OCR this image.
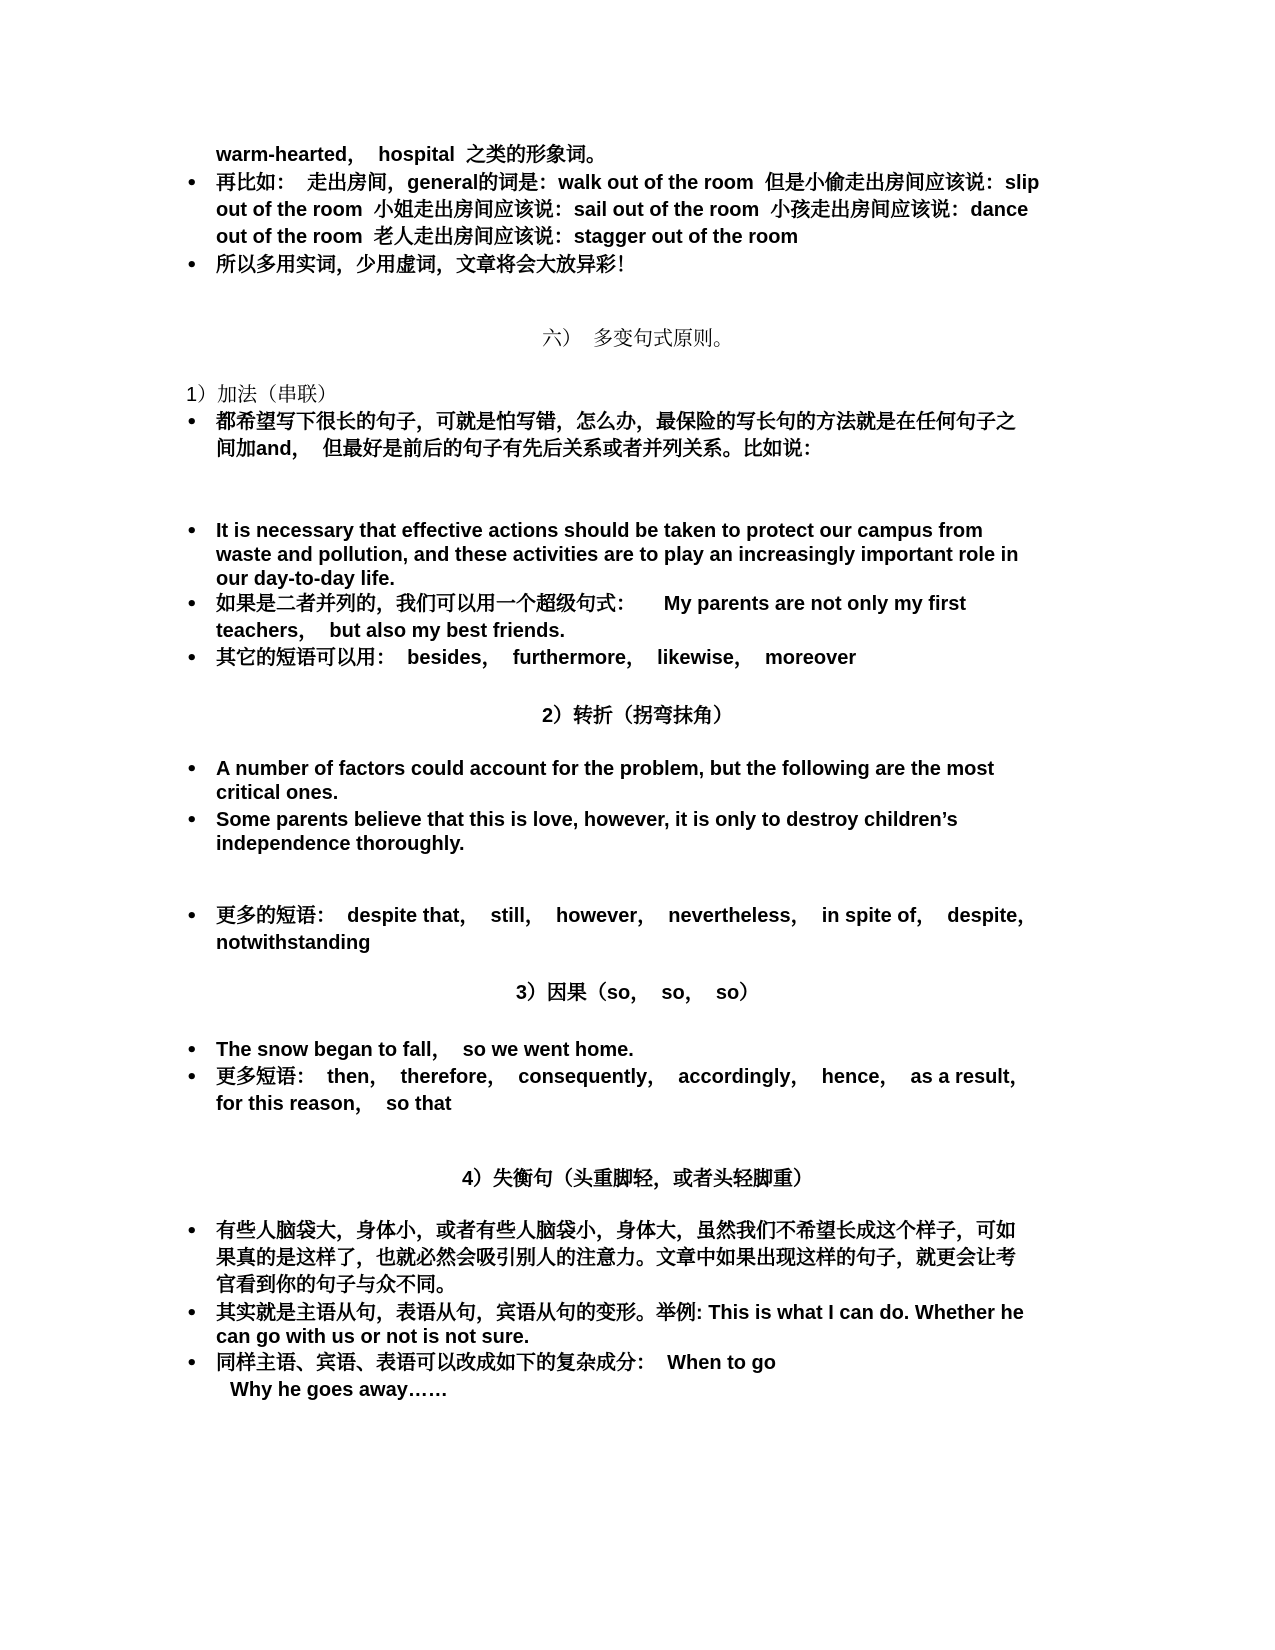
warm-hearted，  hospital  之类的形象词。
• 再比如：  走出房间，general的词是：walk out of the room  但是小偷走出房间应该说：slip
out of the room  小姐走出房间应该说：sail out of the room  小孩走出房间应该说：dance
out of the room  老人走出房间应该说：stagger out of the room
• 所以多用实词，少用虚词，文章将会大放异彩！
六）  多变句式原则。
1）加法（串联）
• 都希望写下很长的句子，可就是怕写错，怎么办，最保险的写长句的方法就是在任何句子之
间加and，  但最好是前后的句子有先后关系或者并列关系。比如说：
• It is necessary that effective actions should be taken to protect our campus from
waste and pollution, and these activities are to play an increasingly important role in
our day-to-day life.
• 如果是二者并列的，我们可以用一个超级句式：     My parents are not only my first
teachers，  but also my best friends.
• 其它的短语可以用：  besides，  furthermore，  likewise，  moreover
2）转折（拐弯抹角）
• A number of factors could account for the problem, but the following are the most
critical ones.
• Some parents believe that this is love, however, it is only to destroy children’s
independence thoroughly.
• 更多的短语：  despite that，  still，  however，  nevertheless，  in spite of，  despite，
notwithstanding
3）因果（so，  so，  so）
• The snow began to fall，  so we went home.
• 更多短语：  then，  therefore，  consequently，  accordingly，  hence，  as a result，
for this reason，  so that
4）失衡句（头重脚轻，或者头轻脚重）
• 有些人脑袋大，身体小，或者有些人脑袋小，身体大，虽然我们不希望长成这个样子，可如
果真的是这样了，也就必然会吸引别人的注意力。文章中如果出现这样的句子，就更会让考
官看到你的句子与众不同。
• 其实就是主语从句，表语从句，宾语从句的变形。举例: This is what I can do. Whether he
can go with us or not is not sure.
• 同样主语、宾语、表语可以改成如下的复杂成分：  When to go
Why he goes away……
